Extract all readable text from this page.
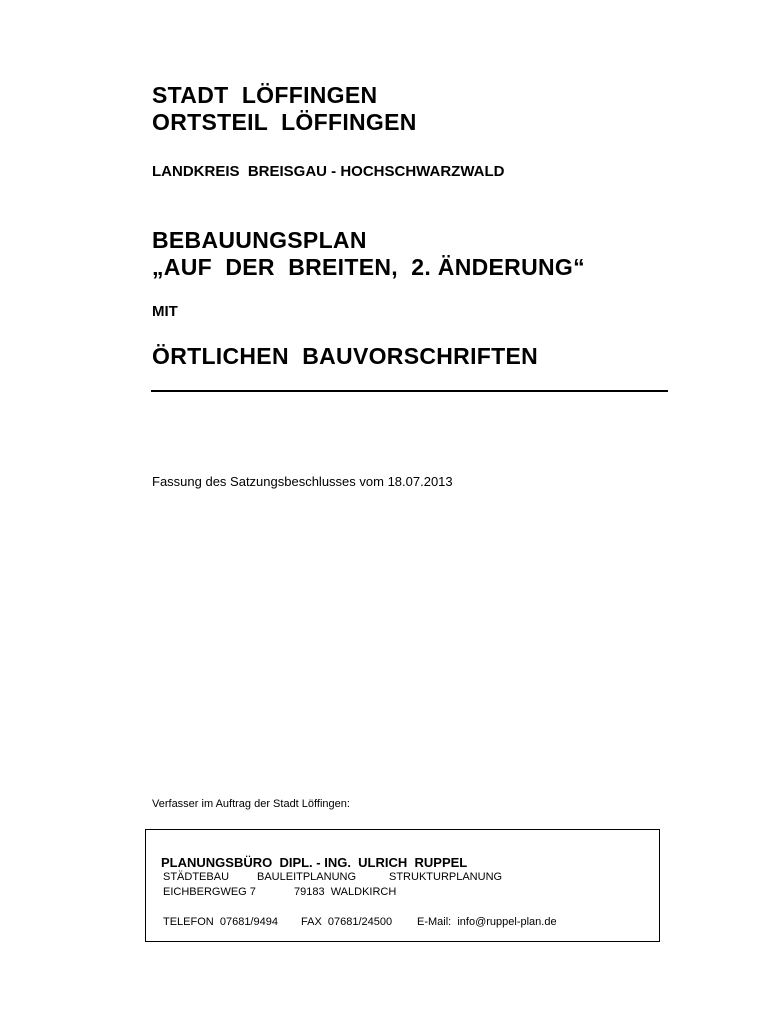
STADT  LÖFFINGEN
ORTSTEIL  LÖFFINGEN
LANDKREIS  BREISGAU - HOCHSCHWARZWALD
BEBAUUNGSPLAN
„AUF  DER  BREITEN,  2. ÄNDERUNG“
MIT
ÖRTLICHEN  BAUVORSCHRIFTEN
Fassung des Satzungsbeschlusses vom 18.07.2013
Verfasser im Auftrag der Stadt Löffingen:
PLANUNGSBÜRO  DIPL. - ING.  ULRICH  RUPPEL
STÄDTEBAU	BAULEITPLANUNG	STRUKTURPLANUNG
EICHBERGWEG 7	79183  WALDKIRCH
TELEFON  07681/9494 FAX  07681/24500 E-Mail:  info@ruppel-plan.de
